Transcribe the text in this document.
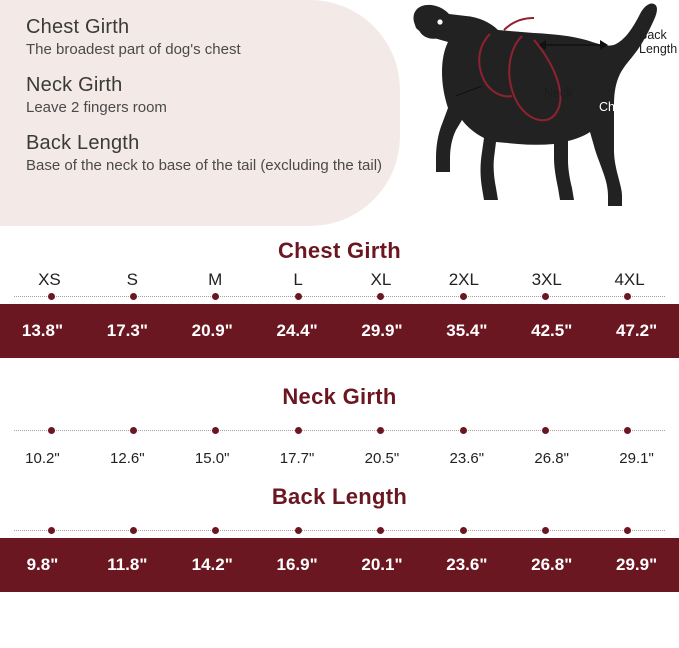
Chest Girth

The broadest part of dog's chest

Neck Girth

Leave 2 fingers room

Back Length

Base of the neck to base of the tail (excluding the tail)

Back Length
Neck
Chest

Chest Girth

XS	S	M	L	XL	2XL	3XL	4XL
13.8"	17.3"	20.9"	24.4"	29.9"	35.4"	42.5"	47.2"

Neck Girth

10.2"	12.6"	15.0"	17.7"	20.5"	23.6"	26.8"	29.1"

Back Length

9.8"	11.8"	14.2"	16.9"	20.1"	23.6"	26.8"	29.9"
